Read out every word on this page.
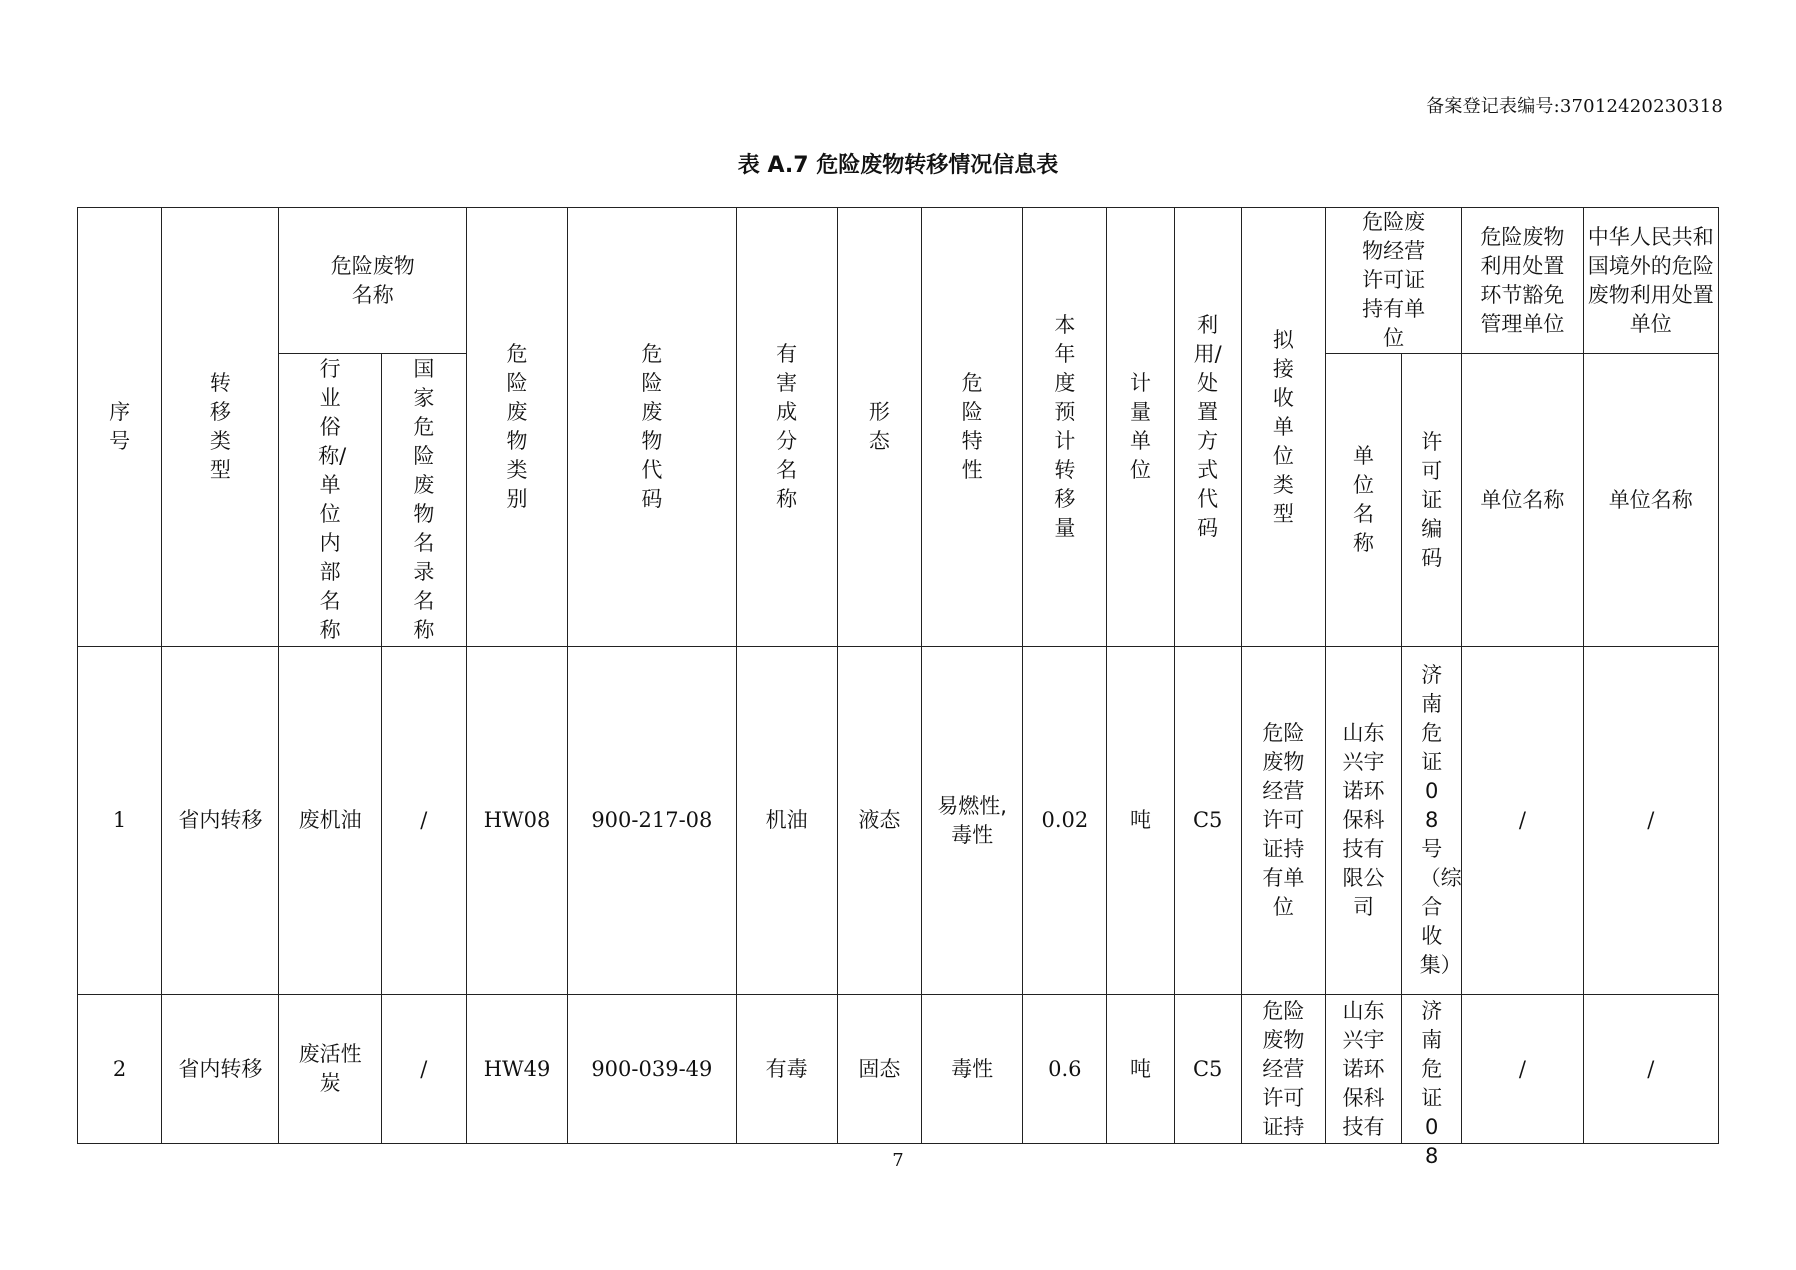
备案登记表编号:37012420230318
表 A.7 危险废物转移情况信息表
序号	转移类型	危险废物名称		危险废物类别	危险废物代码	有害成分名称	形态	危险特性	本年度预计转移量	计量单位	利用/处置方式代码	拟接收单位类型	危险废物经营许可证持有单位		危险废物利用处置环节豁免管理单位	中华人民共和国境外的危险废物利用处置单位
		行业俗称/单位内部名称	国家危险废物名录名称										单位名称	许可证编码	单位名称	单位名称
1	省内转移	废机油	/	HW08	900-217-08	机油	液态	易燃性,毒性	0.02	吨	C5	危险废物经营许可证持有单位	山东兴宇诺环保科技有限公司	济南危证08号（综合收集）	/	/
2	省内转移	废活性炭	/	HW49	900-039-49	有毒	固态	毒性	0.6	吨	C5	危险废物经营许可证持	山东兴宇诺环保科技有	济南危证08	/	/
7
